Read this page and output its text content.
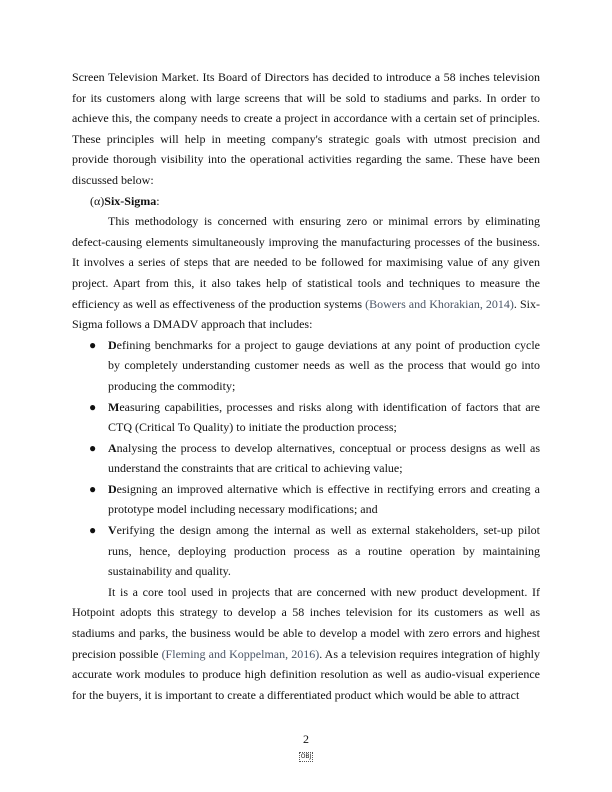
Screen Television Market. Its Board of Directors has decided to introduce a 58 inches television for its customers along with large screens that will be sold to stadiums and parks. In order to achieve this, the company needs to create a project in accordance with a certain set of principles. These principles will help in meeting company's strategic goals with utmost precision and provide thorough visibility into the operational activities regarding the same. These have been discussed below:

(α)Six-Sigma:

This methodology is concerned with ensuring zero or minimal errors by eliminating defect-causing elements simultaneously improving the manufacturing processes of the business. It involves a series of steps that are needed to be followed for maximising value of any given project. Apart from this, it also takes help of statistical tools and techniques to measure the efficiency as well as effectiveness of the production systems (Bowers and Khorakian, 2014). Six-Sigma follows a DMADV approach that includes:

● Defining benchmarks for a project to gauge deviations at any point of production cycle by completely understanding customer needs as well as the process that would go into producing the commodity;
● Measuring capabilities, processes and risks along with identification of factors that are CTQ (Critical To Quality) to initiate the production process;
● Analysing the process to develop alternatives, conceptual or process designs as well as understand the constraints that are critical to achieving value;
● Designing an improved alternative which is effective in rectifying errors and creating a prototype model including necessary modifications; and
● Verifying the design among the internal as well as external stakeholders, set-up pilot runs, hence, deploying production process as a routine operation by maintaining sustainability and quality.

It is a core tool used in projects that are concerned with new product development. If Hotpoint adopts this strategy to develop a 58 inches television for its customers as well as stadiums and parks, the business would be able to develop a model with zero errors and highest precision possible (Fleming and Koppelman, 2016). As a television requires integration of highly accurate work modules to produce high definition resolution as well as audio-visual experience for the buyers, it is important to create a differentiated product which would be able to attract

2
OBJ
